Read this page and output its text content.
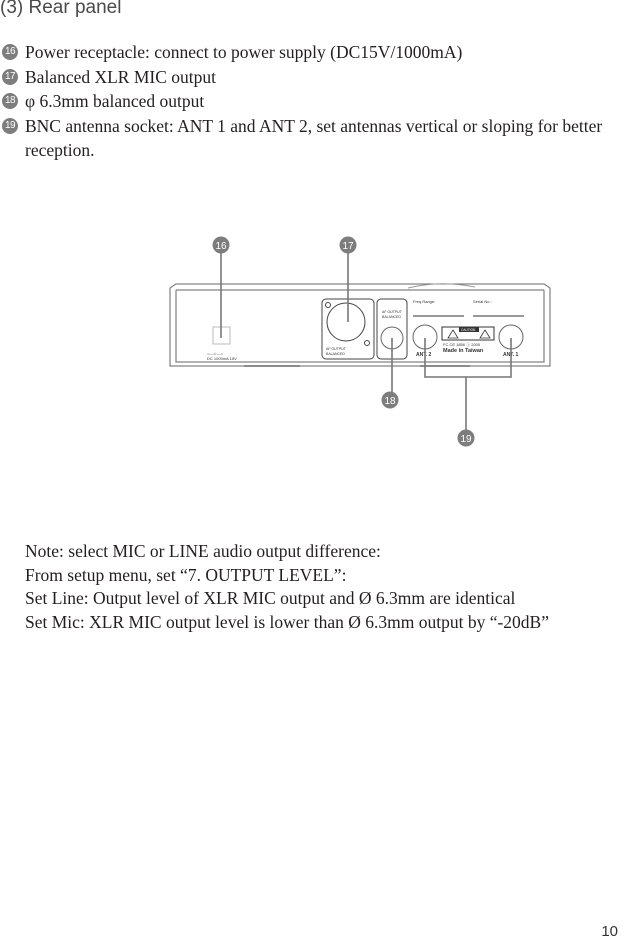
(3) Rear panel
16 Power receptacle: connect to power supply (DC15V/1000mA)
17 Balanced XLR MIC output
18 φ 6.3mm balanced output
19 BNC antenna socket: ANT 1 and ANT 2, set antennas vertical or sloping for better reception.
○—⊂—○
DC 1000mA 15V
AF OUTPUT
BALANCED
AF OUTPUT
BALANCED
Freq.Range:	Serial No.:
CAUTION
FC CE 1856 ⓘ 2000
Made in Taiwan
ANT. 2	ANT. 1
16	17
18
19
Note: select MIC or LINE audio output difference:
From setup menu, set “7. OUTPUT LEVEL”:
Set Line: Output level of XLR MIC output and Ø 6.3mm are identical
Set Mic: XLR MIC output level is lower than Ø 6.3mm output by “-20dB”
10
